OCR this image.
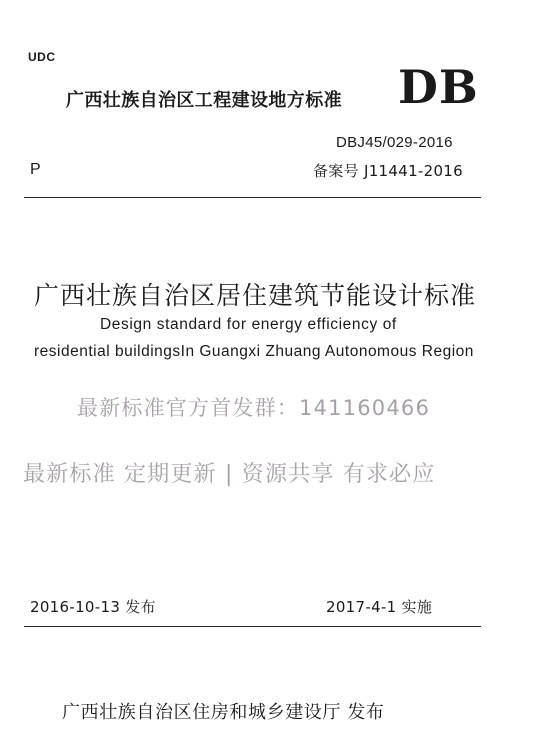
UDC
广西壮族自治区工程建设地方标准 DB
DBJ45/029-2016
P	备案号 J11441-2016
广西壮族自治区居住建筑节能设计标准
Design standard for energy efficiency of
residential buildingsIn Guangxi Zhuang Autonomous Region
最新标准官方首发群：141160466
最新标准 定期更新 | 资源共享 有求必应
2016-10-13 发布	2017-4-1 实施
广西壮族自治区住房和城乡建设厅 发布
